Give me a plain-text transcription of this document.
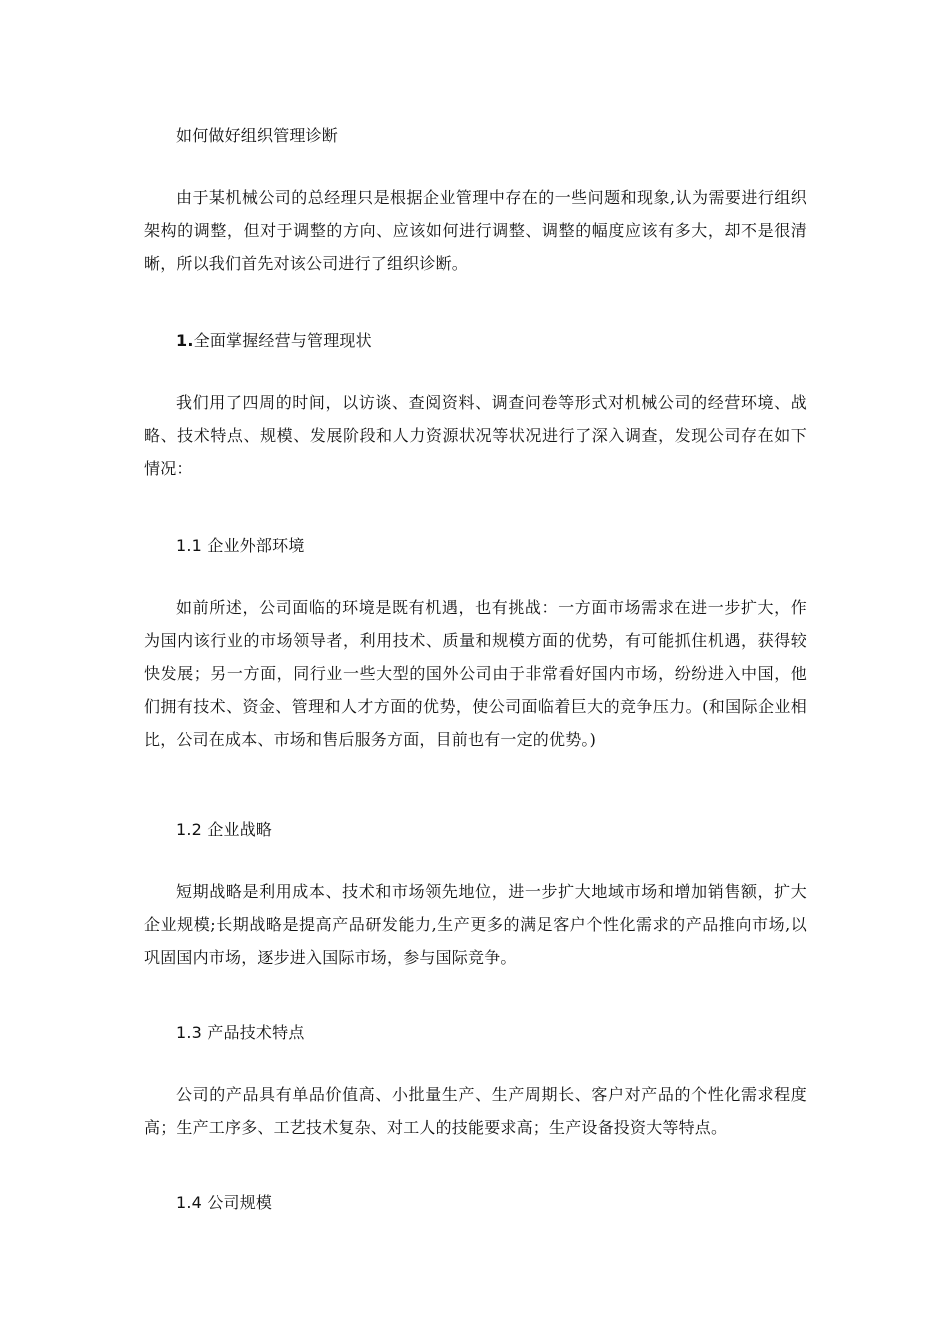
如何做好组织管理诊断
由于某机械公司的总经理只是根据企业管理中存在的一些问题和现象,认为需要进行组织架构的调整，但对于调整的方向、应该如何进行调整、调整的幅度应该有多大，却不是很清晰，所以我们首先对该公司进行了组织诊断。
1.全面掌握经营与管理现状
我们用了四周的时间，以访谈、查阅资料、调查问卷等形式对机械公司的经营环境、战略、技术特点、规模、发展阶段和人力资源状况等状况进行了深入调查，发现公司存在如下情况：
1.1 企业外部环境
如前所述，公司面临的环境是既有机遇，也有挑战：一方面市场需求在进一步扩大，作为国内该行业的市场领导者，利用技术、质量和规模方面的优势，有可能抓住机遇，获得较快发展；另一方面，同行业一些大型的国外公司由于非常看好国内市场，纷纷进入中国，他们拥有技术、资金、管理和人才方面的优势，使公司面临着巨大的竞争压力。(和国际企业相比，公司在成本、市场和售后服务方面，目前也有一定的优势。)
1.2 企业战略
短期战略是利用成本、技术和市场领先地位，进一步扩大地域市场和增加销售额，扩大企业规模;长期战略是提高产品研发能力,生产更多的满足客户个性化需求的产品推向市场,以巩固国内市场，逐步进入国际市场，参与国际竞争。
1.3 产品技术特点
公司的产品具有单品价值高、小批量生产、生产周期长、客户对产品的个性化需求程度高；生产工序多、工艺技术复杂、对工人的技能要求高；生产设备投资大等特点。
1.4 公司规模
